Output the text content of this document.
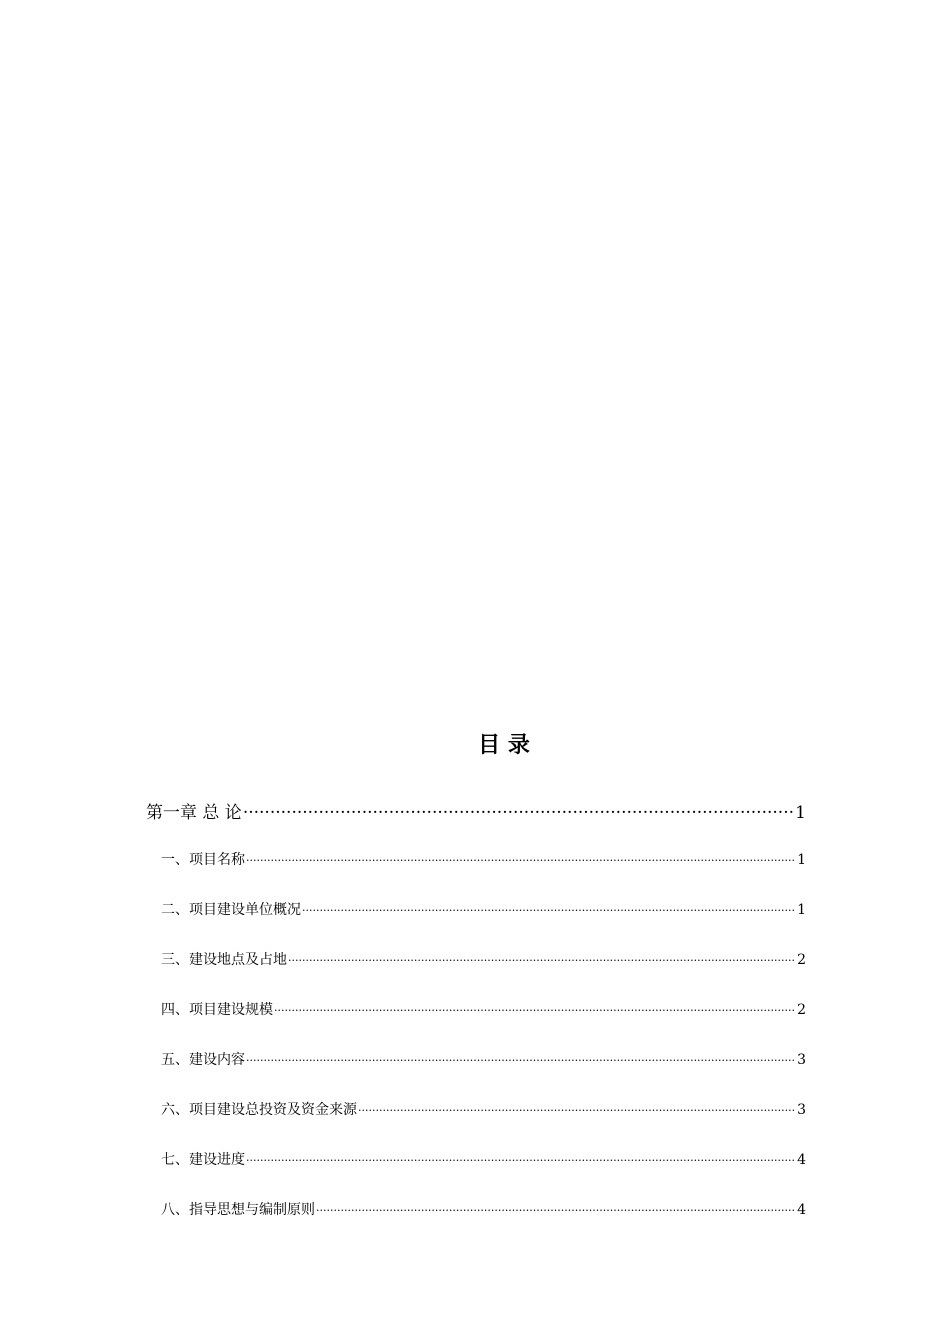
目 录
第一章 总 论 .....	1
一、项目名称 .....	1
二、项目建设单位概况 .....	1
三、建设地点及占地 .....	2
四、项目建设规模 .....	2
五、建设内容 .....	3
六、项目建设总投资及资金来源 .....	3
七、建设进度 .....	4
八、指导思想与编制原则 .....	4
